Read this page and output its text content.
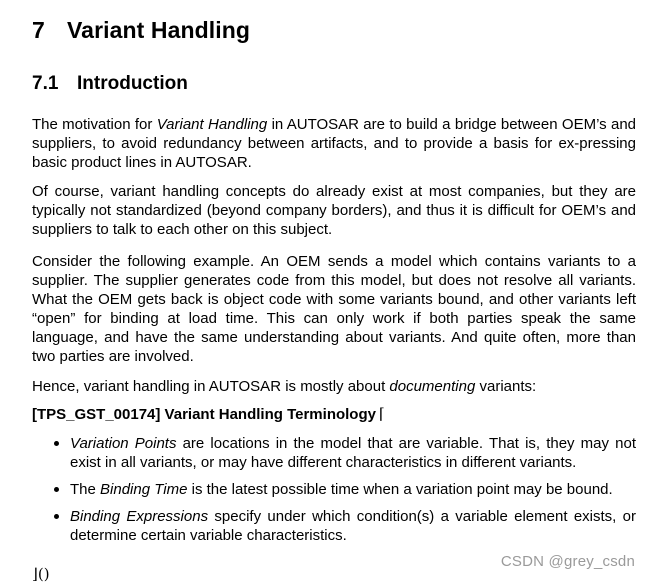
7 Variant Handling
7.1 Introduction

The motivation for Variant Handling in AUTOSAR are to build a bridge between OEM’s and suppliers, to avoid redundancy between artifacts, and to provide a basis for ex-pressing basic product lines in AUTOSAR.

Of course, variant handling concepts do already exist at most companies, but they are typically not standardized (beyond company borders), and thus it is difficult for OEM’s and suppliers to talk to each other on this subject.

Consider the following example. An OEM sends a model which contains variants to a supplier. The supplier generates code from this model, but does not resolve all variants. What the OEM gets back is object code with some variants bound, and other variants left “open” for binding at load time. This can only work if both parties speak the same language, and have the same understanding about variants. And quite often, more than two parties are involved.

Hence, variant handling in AUTOSAR is mostly about documenting variants:

[TPS_GST_00174] Variant Handling Terminology ⌈

Variation Points are locations in the model that are variable. That is, they may not exist in all variants, or may have different characteristics in different variants.
The Binding Time is the latest possible time when a variation point may be bound.
Binding Expressions specify under which condition(s) a variable element exists, or determine certain variable characteristics.

⌋()

CSDN @grey_csdn
